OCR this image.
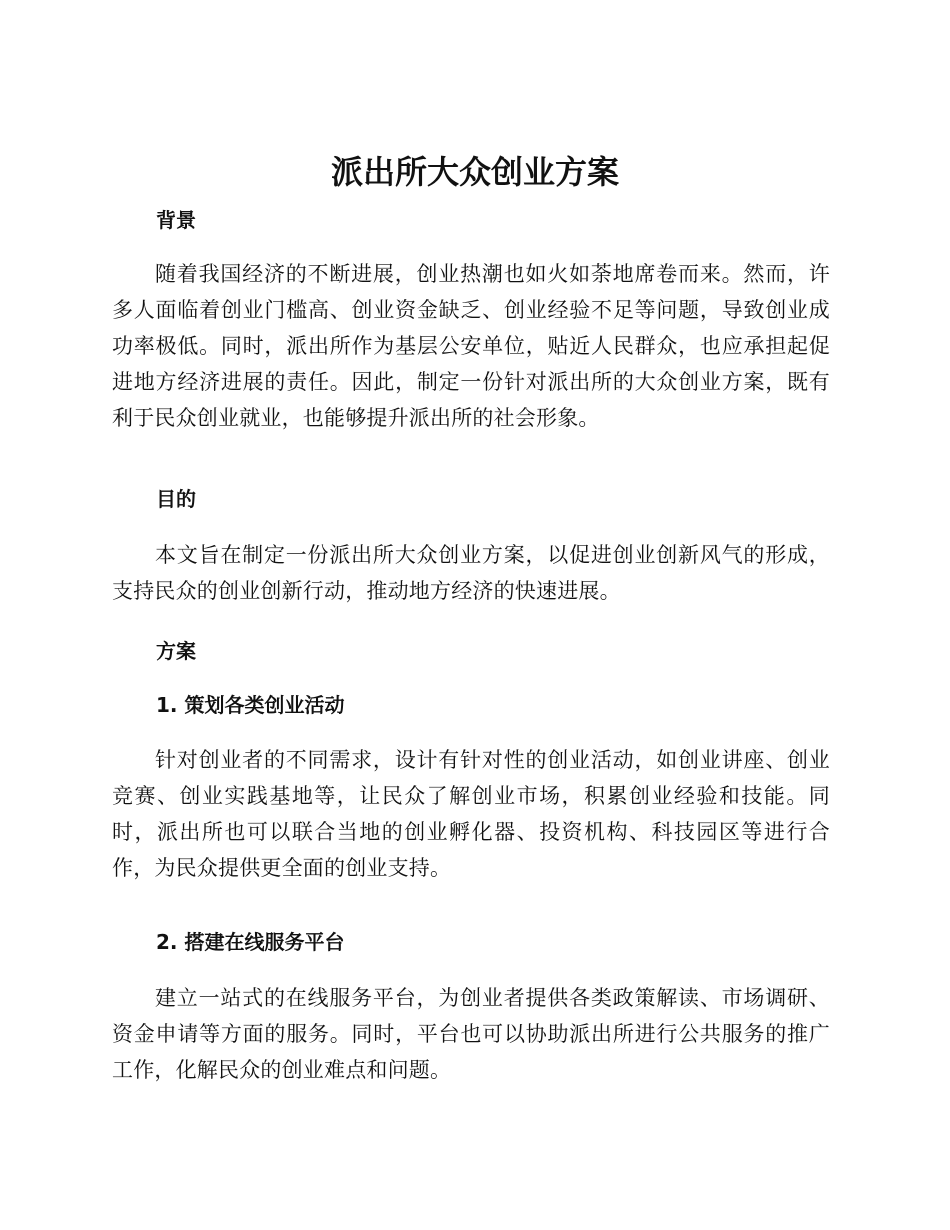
派出所大众创业方案
背景

随着我国经济的不断进展，创业热潮也如火如荼地席卷而来。然而，许多人面临着创业门槛高、创业资金缺乏、创业经验不足等问题，导致创业成功率极低。同时，派出所作为基层公安单位，贴近人民群众，也应承担起促进地方经济进展的责任。因此，制定一份针对派出所的大众创业方案，既有利于民众创业就业，也能够提升派出所的社会形象。

目的

本文旨在制定一份派出所大众创业方案，以促进创业创新风气的形成，支持民众的创业创新行动，推动地方经济的快速进展。

方案
1. 策划各类创业活动

针对创业者的不同需求，设计有针对性的创业活动，如创业讲座、创业竞赛、创业实践基地等，让民众了解创业市场，积累创业经验和技能。同时，派出所也可以联合当地的创业孵化器、投资机构、科技园区等进行合作，为民众提供更全面的创业支持。

2. 搭建在线服务平台

建立一站式的在线服务平台，为创业者提供各类政策解读、市场调研、资金申请等方面的服务。同时，平台也可以协助派出所进行公共服务的推广工作，化解民众的创业难点和问题。
